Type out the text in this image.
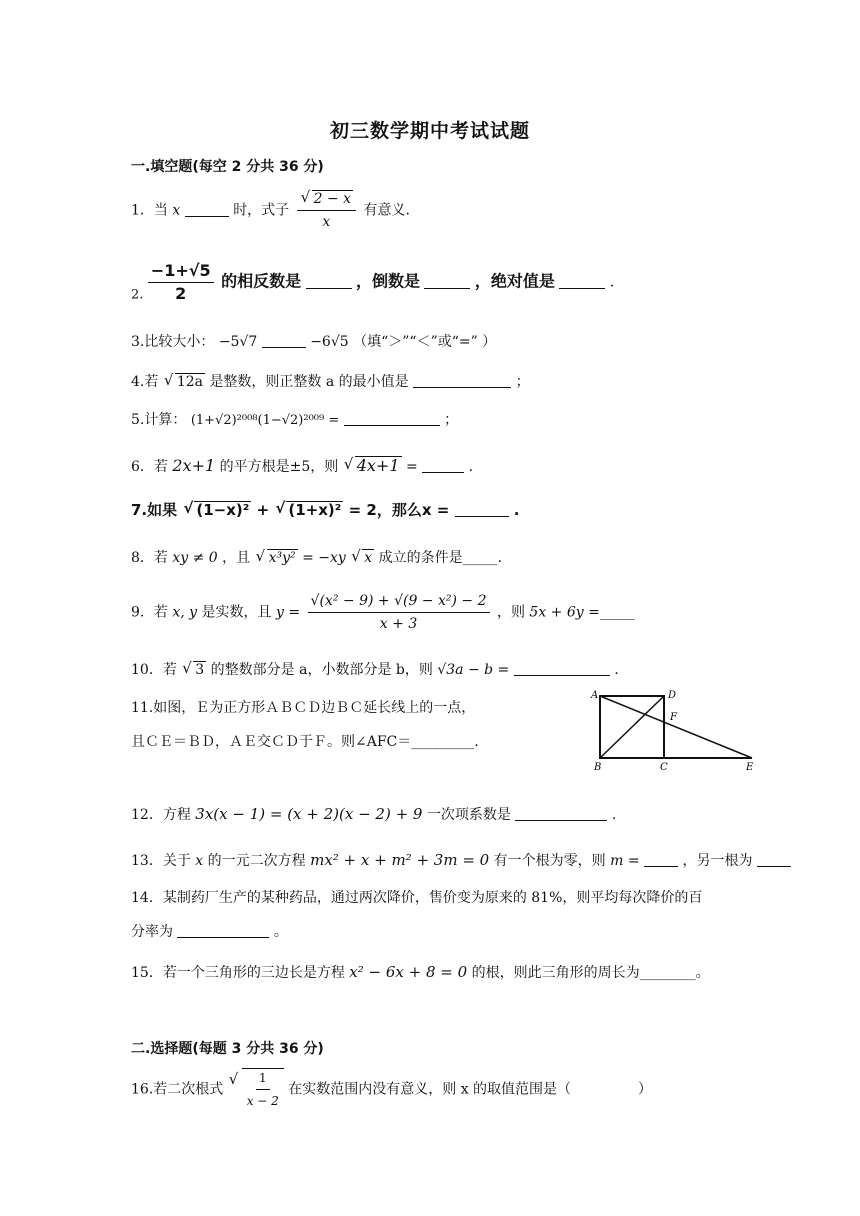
初三数学期中考试试题
一.填空题(每空 2 分共 36 分)
1．当 x	时，式子 √ $\frac{2 - x}{x}$ 有意义.
2. $\frac{-1+√5}{2}$ 的相反数是	，倒数是	，绝对值是	.
3.比较大小： −5√7	−6√5 （填“＞”“＜”或“=” ）
4.若 √ 12a 是整数，则正整数 a 的最小值是	；
5.计算： (1+√2)²⁰⁰⁸(1−√2)²⁰⁰⁹ =	；
6．若 2x+1 的平方根是±5，则 √ 4x+1 =	.
7.如果 √ (1−x)² + √ (1+x)² = 2，那么x =	.
8．若 xy ≠ 0 ，且 √ x³y² = −xy √ x 成立的条件是_____.
9．若 x, y 是实数，且 $y = \frac{\text{√(x² − 9) + √(9 − x²) − 2}}{x + 3}$ ，则 5x + 6y =_____
10．若 √ 3 的整数部分是 a，小数部分是 b，则 √3a − b =	.
11.如图，Ｅ为正方形ＡＢＣＤ边ＢＣ延长线上的一点，
且ＣＥ＝ＢＤ，ＡＥ交ＣＤ于Ｆ。则∠AFC＝_________.
A	D
F
B	C	E
12．方程 3x(x − 1) = (x + 2)(x − 2) + 9 一次项系数是	.
13．关于 x 的一元二次方程 mx² + x + m² + 3m = 0 有一个根为零，则 m =	，另一根为
14．某制药厂生产的某种药品，通过两次降价，售价变为原来的 81%，则平均每次降价的百
分率为	。
15．若一个三角形的三边长是方程 x² − 6x + 8 = 0 的根，则此三角形的周长为________。
二.选择题(每题 3 分共 36 分)
16.若二次根式 √ $\frac{1}{x - 2}$ 在实数范围内没有意义，则 x 的取值范围是（	）
